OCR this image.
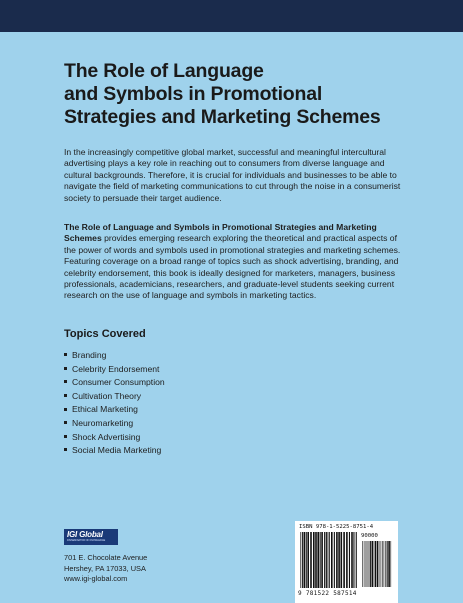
The Role of Language
and Symbols in Promotional
Strategies and Marketing Schemes

In the increasingly competitive global market, successful and meaningful intercultural advertising plays a key role in reaching out to consumers from diverse language and cultural backgrounds. Therefore, it is crucial for individuals and businesses to be able to navigate the field of marketing communications to cut through the noise in a consumerist society to persuade their target audience.

The Role of Language and Symbols in Promotional Strategies and Marketing Schemes provides emerging research exploring the theoretical and practical aspects of the power of words and symbols used in promotional strategies and marketing schemes. Featuring coverage on a broad range of topics such as shock advertising, branding, and celebrity endorsement, this book is ideally designed for marketers, managers, business professionals, academicians, researchers, and graduate-level students seeking current research on the use of language and symbols in marketing tactics.

Topics Covered
Branding
Celebrity Endorsement
Consumer Consumption
Cultivation Theory
Ethical Marketing
Neuromarketing
Shock Advertising
Social Media Marketing
IGI Global
DISSEMINATOR OF KNOWLEDGE
701 E. Chocolate Avenue
Hershey, PA 17033, USA
www.igi-global.com
ISBN 978-1-5225-8751-4
90000
9 781522 587514
